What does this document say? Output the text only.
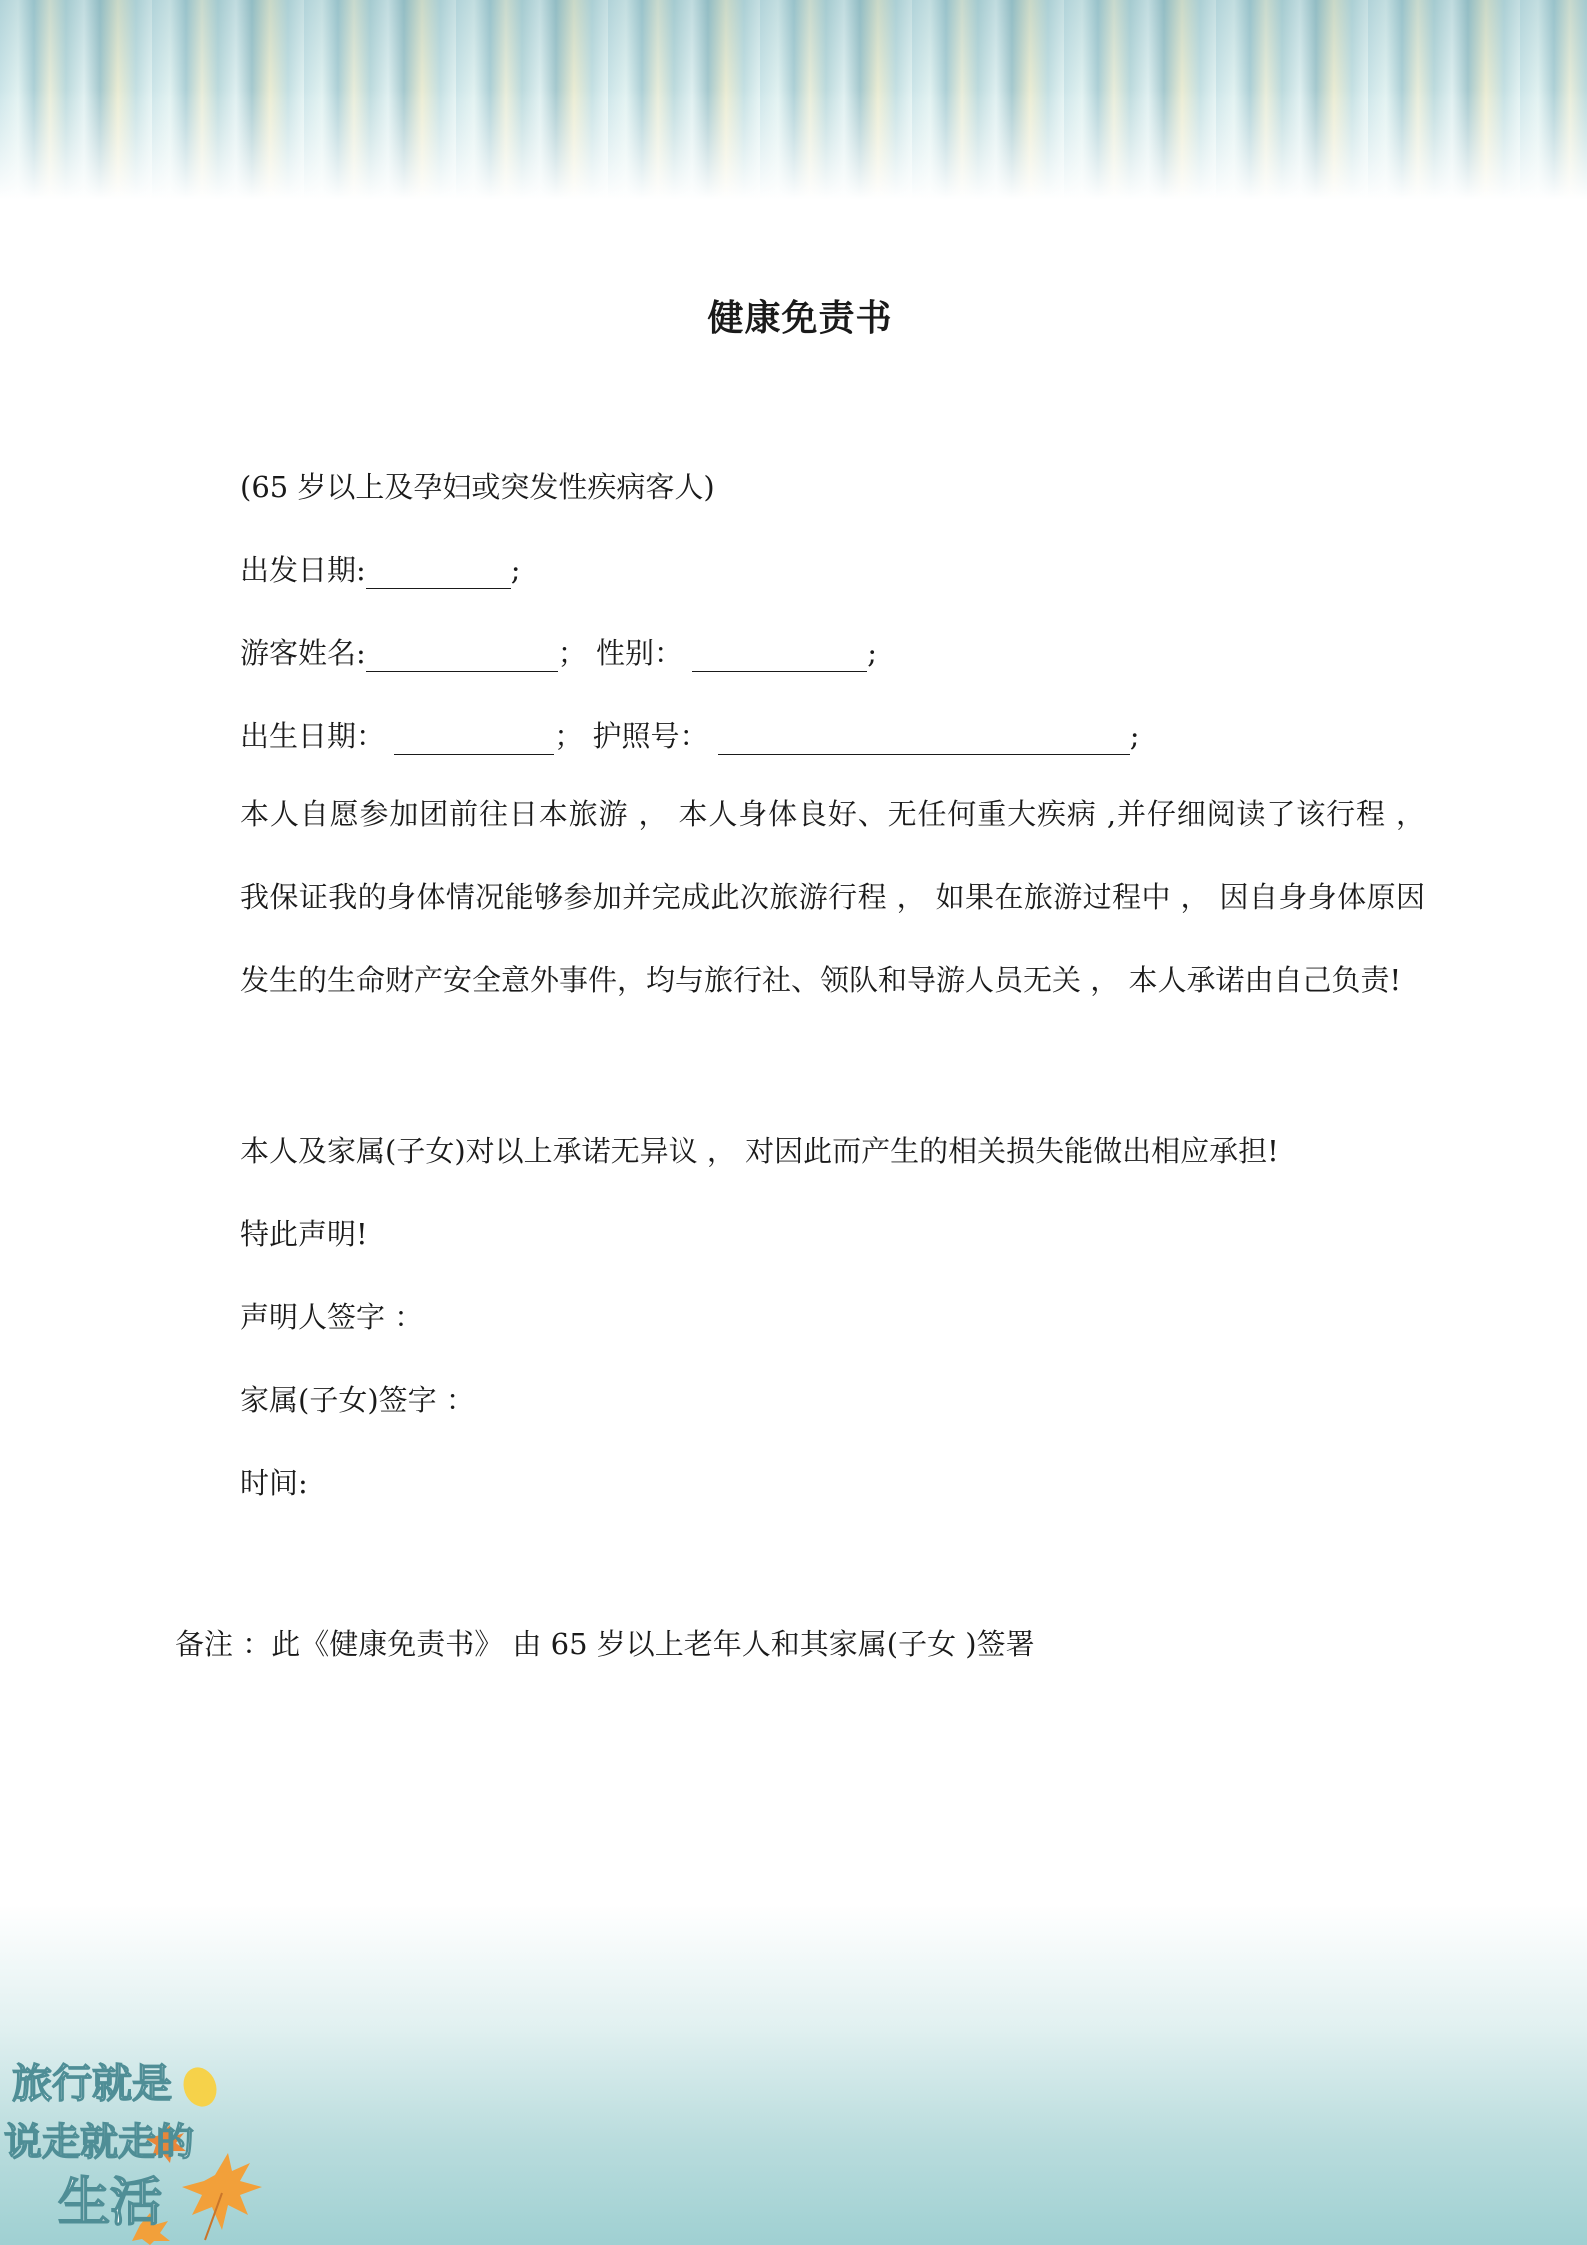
健康免责书
(65 岁以上及孕妇或突发性疾病客人)
出发日期:	;
游客姓名:	； 性别：	;
出生日期：	； 护照号：	;
本人自愿参加团前往日本旅游 ， 本人身体良好、无任何重大疾病 ,并仔细阅读了该行程 ， 我保证我的身体情况能够参加并完成此次旅游行程 ， 如果在旅游过程中 ， 因自身身体原因发生的生命财产安全意外事件，均与旅行社、领队和导游人员无关 ， 本人承诺由自己负责!
本人及家属(子女)对以上承诺无异议 ， 对因此而产生的相关损失能做出相应承担!
特此声明!
声明人签字 ：
家属(子女)签字 ：
时间:
备注 ：此《健康免责书》 由 65 岁以上老年人和其家属(子女 )签署
旅行就是
说走就走的
生活
